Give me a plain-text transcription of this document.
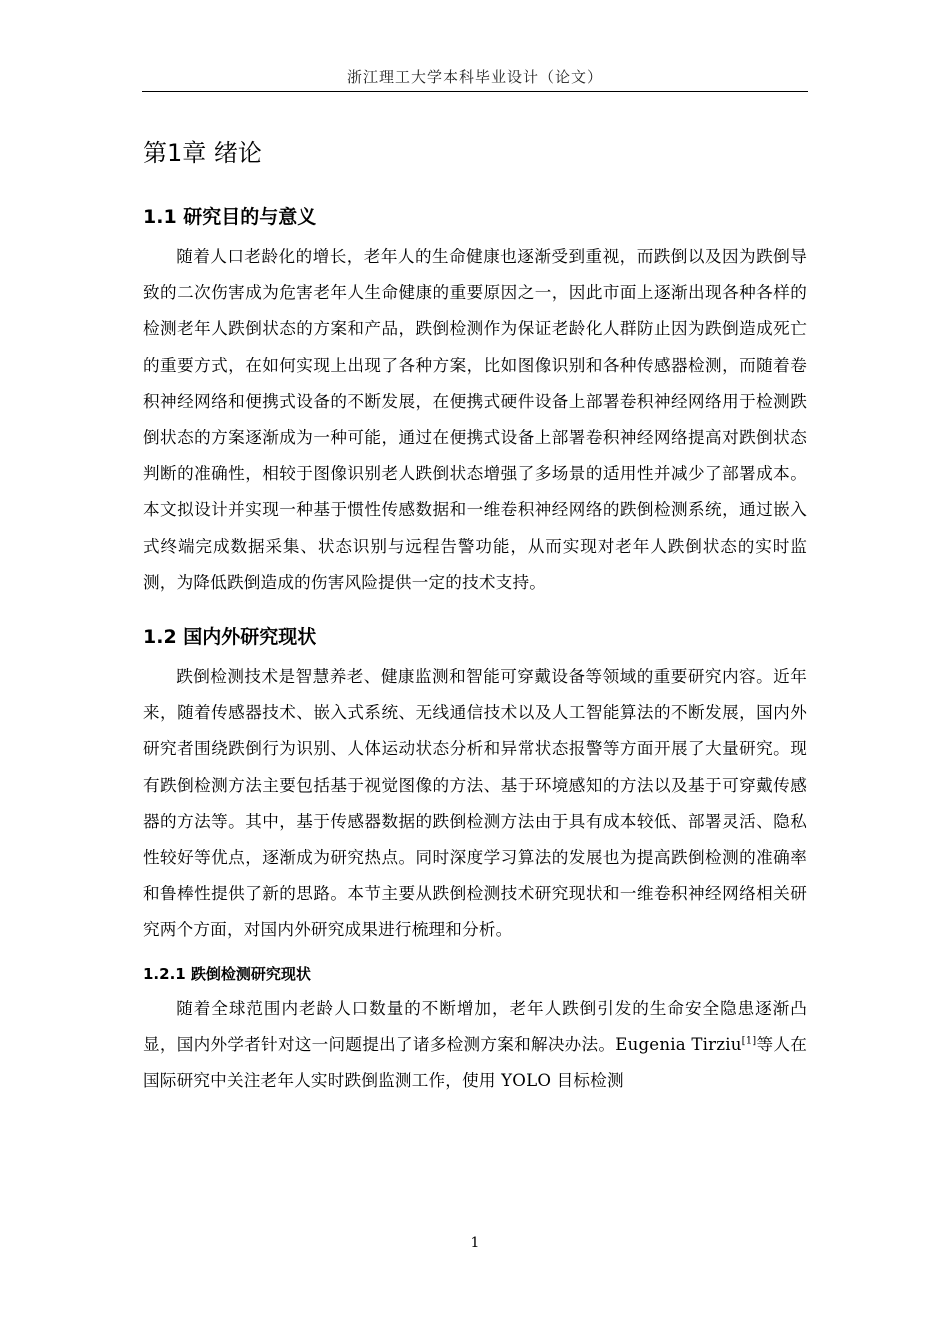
浙江理工大学本科毕业设计（论文）
第1章 绪论
1.1 研究目的与意义

随着人口老龄化的增长，老年人的生命健康也逐渐受到重视，而跌倒以及因为跌倒导致的二次伤害成为危害老年人生命健康的重要原因之一，因此市面上逐渐出现各种各样的检测老年人跌倒状态的方案和产品，跌倒检测作为保证老龄化人群防止因为跌倒造成死亡的重要方式，在如何实现上出现了各种方案，比如图像识别和各种传感器检测，而随着卷积神经网络和便携式设备的不断发展，在便携式硬件设备上部署卷积神经网络用于检测跌倒状态的方案逐渐成为一种可能，通过在便携式设备上部署卷积神经网络提高对跌倒状态判断的准确性，相较于图像识别老人跌倒状态增强了多场景的适用性并减少了部署成本。本文拟设计并实现一种基于惯性传感数据和一维卷积神经网络的跌倒检测系统，通过嵌入式终端完成数据采集、状态识别与远程告警功能，从而实现对老年人跌倒状态的实时监测，为降低跌倒造成的伤害风险提供一定的技术支持。

1.2 国内外研究现状

跌倒检测技术是智慧养老、健康监测和智能可穿戴设备等领域的重要研究内容。近年来，随着传感器技术、嵌入式系统、无线通信技术以及人工智能算法的不断发展，国内外研究者围绕跌倒行为识别、人体运动状态分析和异常状态报警等方面开展了大量研究。现有跌倒检测方法主要包括基于视觉图像的方法、基于环境感知的方法以及基于可穿戴传感器的方法等。其中，基于传感器数据的跌倒检测方法由于具有成本较低、部署灵活、隐私性较好等优点，逐渐成为研究热点。同时深度学习算法的发展也为提高跌倒检测的准确率和鲁棒性提供了新的思路。本节主要从跌倒检测技术研究现状和一维卷积神经网络相关研究两个方面，对国内外研究成果进行梳理和分析。

1.2.1 跌倒检测研究现状

随着全球范围内老龄人口数量的不断增加，老年人跌倒引发的生命安全隐患逐渐凸显，国内外学者针对这一问题提出了诸多检测方案和解决办法。Eugenia Tirziu[1]等人在国际研究中关注老年人实时跌倒监测工作，使用 YOLO 目标检测

1
